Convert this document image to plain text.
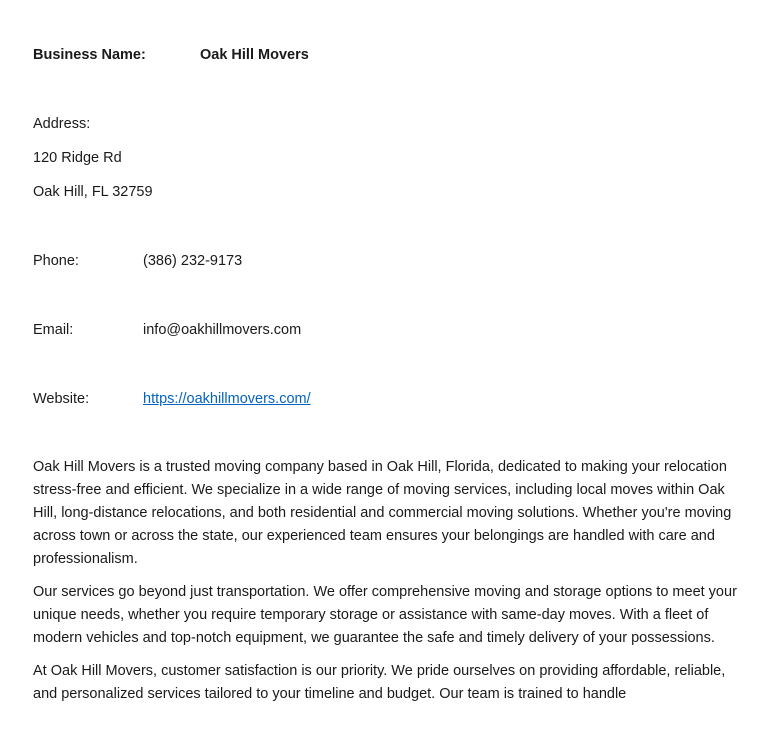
Business Name:	Oak Hill Movers
Address:
120 Ridge Rd
Oak Hill, FL 32759
Phone:	(386) 232-9173
Email:	info@oakhillmovers.com
Website:	https://oakhillmovers.com/

Oak Hill Movers is a trusted moving company based in Oak Hill, Florida, dedicated to making your relocation stress-free and efficient. We specialize in a wide range of moving services, including local moves within Oak Hill, long-distance relocations, and both residential and commercial moving solutions. Whether you're moving across town or across the state, our experienced team ensures your belongings are handled with care and professionalism.

Our services go beyond just transportation. We offer comprehensive moving and storage options to meet your unique needs, whether you require temporary storage or assistance with same-day moves. With a fleet of modern vehicles and top-notch equipment, we guarantee the safe and timely delivery of your possessions.

At Oak Hill Movers, customer satisfaction is our priority. We pride ourselves on providing affordable, reliable, and personalized services tailored to your timeline and budget. Our team is trained to handle
